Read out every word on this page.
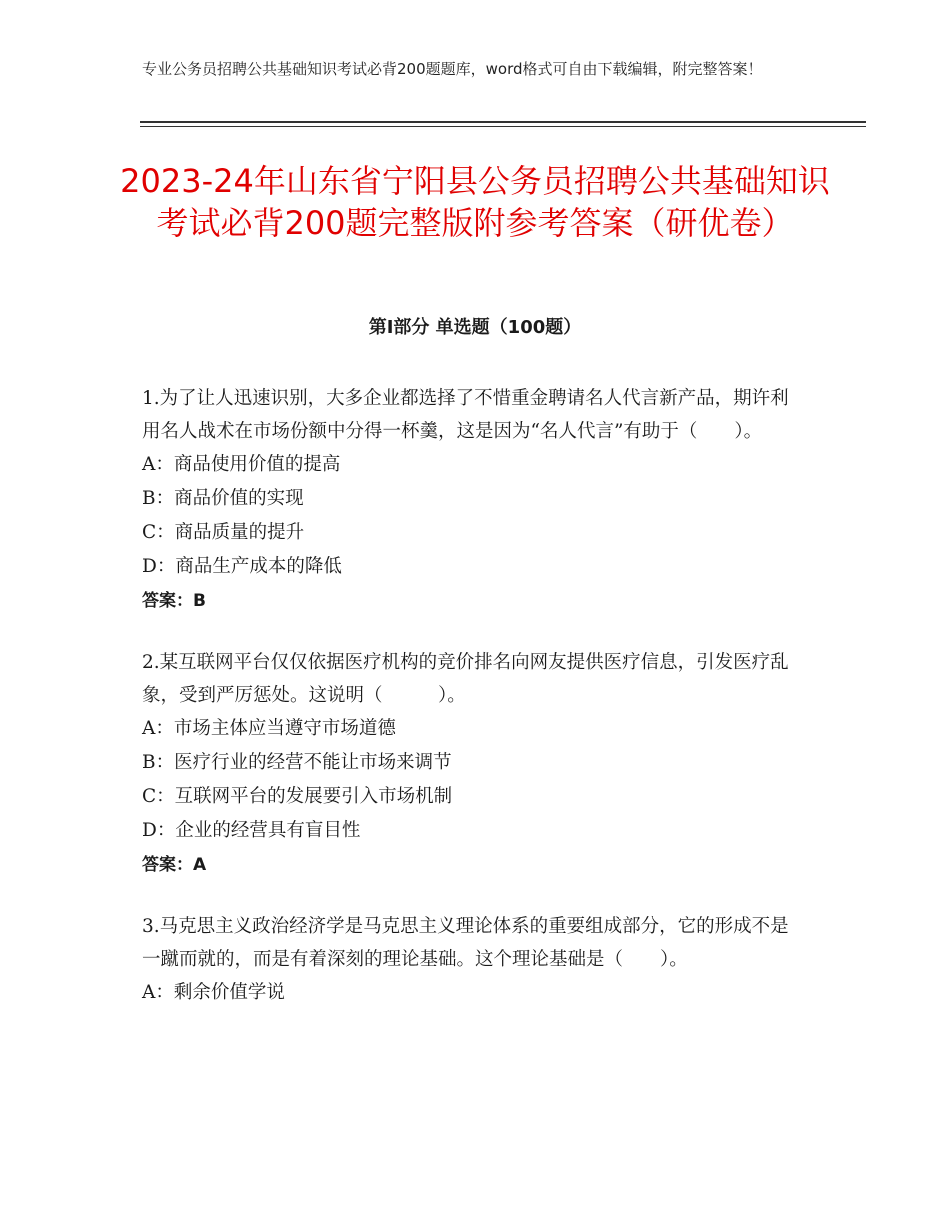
专业公务员招聘公共基础知识考试必背200题题库，word格式可自由下载编辑，附完整答案！
2023-24年山东省宁阳县公务员招聘公共基础知识考试必背200题完整版附参考答案（研优卷）
第Ⅰ部分 单选题（100题）
1.为了让人迅速识别，大多企业都选择了不惜重金聘请名人代言新产品，期许利用名人战术在市场份额中分得一杯羹，这是因为“名人代言”有助于（　　）。
A：商品使用价值的提高
B：商品价值的实现
C：商品质量的提升
D：商品生产成本的降低
答案：B
2.某互联网平台仅仅依据医疗机构的竞价排名向网友提供医疗信息，引发医疗乱象，受到严厉惩处。这说明（　　　）。
A：市场主体应当遵守市场道德
B：医疗行业的经营不能让市场来调节
C：互联网平台的发展要引入市场机制
D：企业的经营具有盲目性
答案：A
3.马克思主义政治经济学是马克思主义理论体系的重要组成部分，它的形成不是一蹴而就的，而是有着深刻的理论基础。这个理论基础是（　　）。
A：剩余价值学说
